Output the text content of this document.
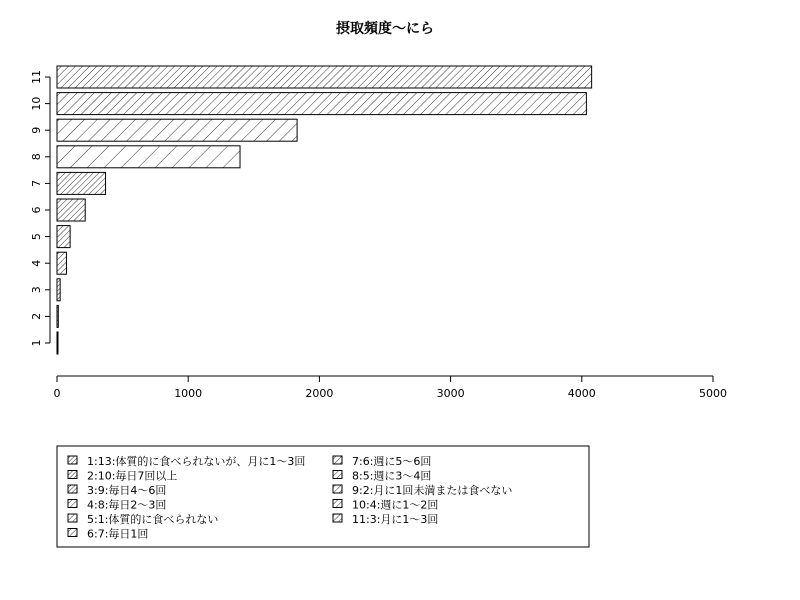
摂取頻度〜にら
0	1000	2000	3000	4000	5000
1
2
3
4
5
6
7
8
9
10
11
1:13:体質的に食べられないが、月に1〜3回
2:10:毎日7回以上
3:9:毎日4〜6回
4:8:毎日2〜3回
5:1:体質的に食べられない
6:7:毎日1回
7:6:週に5〜6回
8:5:週に3〜4回
9:2:月に1回未満または食べない
10:4:週に1〜2回
11:3:月に1〜3回
